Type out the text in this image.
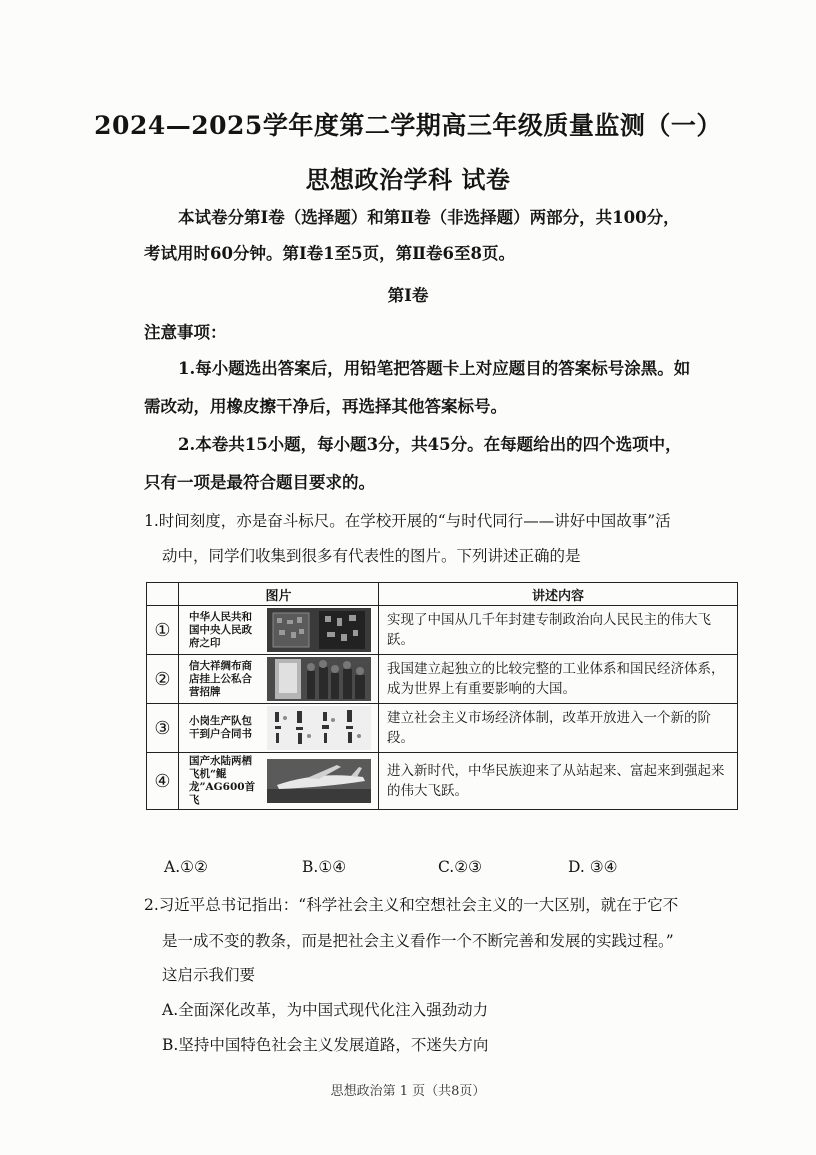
2024—2025学年度第二学期高三年级质量监测（一）
思想政治学科 试卷
本试卷分第Ⅰ卷（选择题）和第Ⅱ卷（非选择题）两部分，共100分，
考试用时60分钟。第Ⅰ卷1至5页，第Ⅱ卷6至8页。
第Ⅰ卷
注意事项：
1.每小题选出答案后，用铅笔把答题卡上对应题目的答案标号涂黑。如
需改动，用橡皮擦干净后，再选择其他答案标号。
2.本卷共15小题，每小题3分，共45分。在每题给出的四个选项中，
只有一项是最符合题目要求的。
1.时间刻度，亦是奋斗标尺。在学校开展的“与时代同行——讲好中国故事”活
动中，同学们收集到很多有代表性的图片。下列讲述正确的是
	图片	讲述内容
①	中华人民共和国中央人民政府之印	实现了中国从几千年封建专制政治向人民民主的伟大飞跃。
②	信大祥绸布商店挂上公私合营招牌	我国建立起独立的比较完整的工业体系和国民经济体系，成为世界上有重要影响的大国。
③	小岗生产队包干到户合同书	建立社会主义市场经济体制，改革开放进入一个新的阶段。
④	国产水陆两栖飞机“鲲龙”AG600首飞	进入新时代，中华民族迎来了从站起来、富起来到强起来的伟大飞跃。
A.①②	B.①④	C.②③	D. ③④
2.习近平总书记指出：“科学社会主义和空想社会主义的一大区别，就在于它不
是一成不变的教条，而是把社会主义看作一个不断完善和发展的实践过程。”
这启示我们要
A.全面深化改革，为中国式现代化注入强劲动力
B.坚持中国特色社会主义发展道路，不迷失方向
思想政治第 1 页（共8页）
